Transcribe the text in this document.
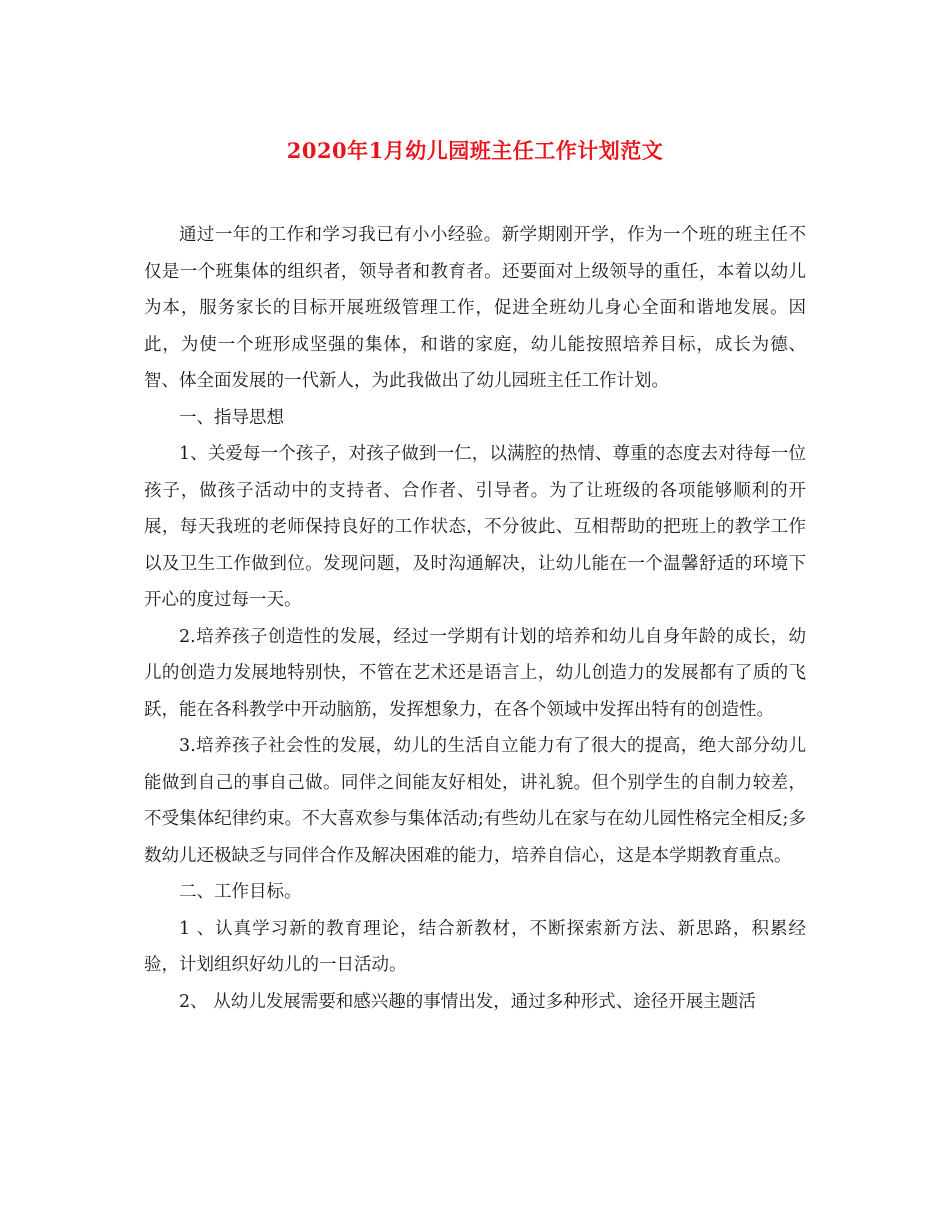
2020年1月幼儿园班主任工作计划范文

通过一年的工作和学习我已有小小经验。新学期刚开学，作为一个班的班主任不仅是一个班集体的组织者，领导者和教育者。还要面对上级领导的重任，本着以幼儿为本，服务家长的目标开展班级管理工作，促进全班幼儿身心全面和谐地发展。因此，为使一个班形成坚强的集体，和谐的家庭，幼儿能按照培养目标，成长为德、智、体全面发展的一代新人，为此我做出了幼儿园班主任工作计划。

一、指导思想

1、关爱每一个孩子，对孩子做到一仁，以满腔的热情、尊重的态度去对待每一位孩子，做孩子活动中的支持者、合作者、引导者。为了让班级的各项能够顺利的开展，每天我班的老师保持良好的工作状态，不分彼此、互相帮助的把班上的教学工作以及卫生工作做到位。发现问题，及时沟通解决，让幼儿能在一个温馨舒适的环境下开心的度过每一天。

2.培养孩子创造性的发展，经过一学期有计划的培养和幼儿自身年龄的成长，幼儿的创造力发展地特别快，不管在艺术还是语言上，幼儿创造力的发展都有了质的飞跃，能在各科教学中开动脑筋，发挥想象力，在各个领域中发挥出特有的创造性。

3.培养孩子社会性的发展，幼儿的生活自立能力有了很大的提高，绝大部分幼儿能做到自己的事自己做。同伴之间能友好相处，讲礼貌。但个别学生的自制力较差，不受集体纪律约束。不大喜欢参与集体活动;有些幼儿在家与在幼儿园性格完全相反;多数幼儿还极缺乏与同伴合作及解决困难的能力，培养自信心，这是本学期教育重点。

二、工作目标。

1 、认真学习新的教育理论，结合新教材，不断探索新方法、新思路，积累经验，计划组织好幼儿的一日活动。

2、 从幼儿发展需要和感兴趣的事情出发，通过多种形式、途径开展主题活
